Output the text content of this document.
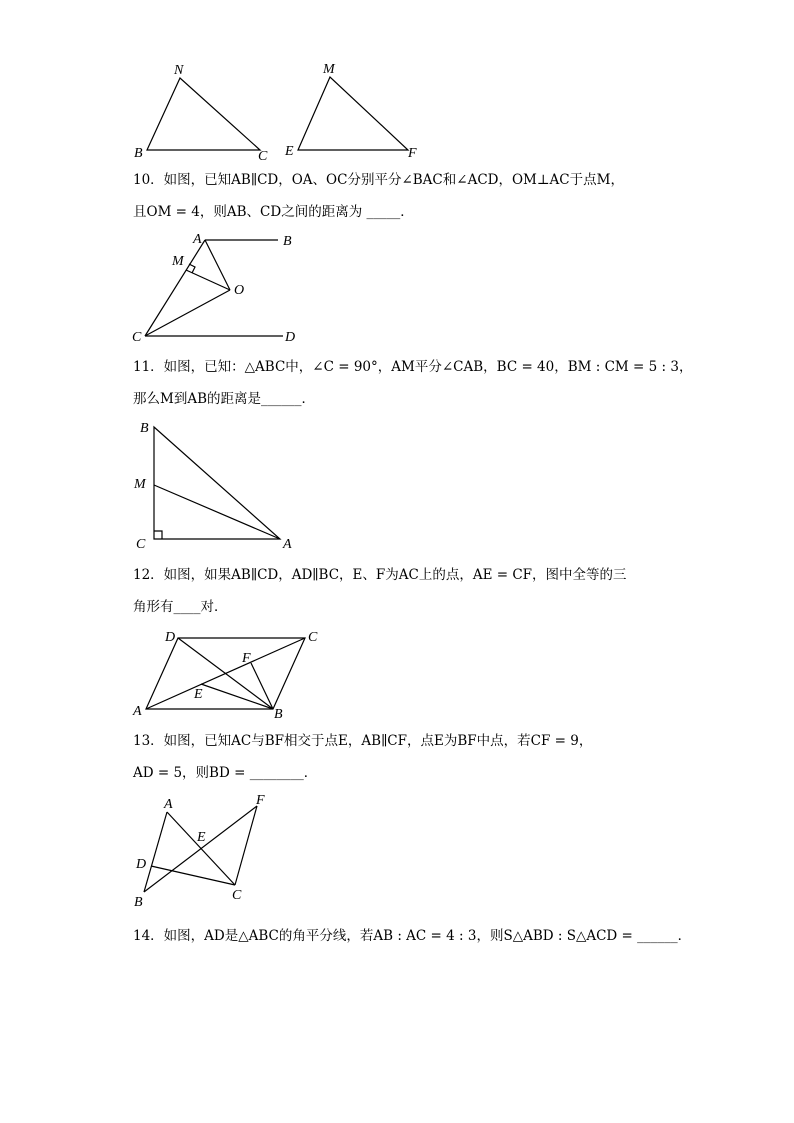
N
B	C
M
E	F
10．如图，已知AB∥CD，OA、OC分别平分∠BAC和∠ACD，OM⊥AC于点M，
且OM = 4，则AB、CD之间的距离为 _____．
A	B
M
O
C	D
11．如图，已知：△ABC中，∠C = 90°，AM平分∠CAB，BC = 40，BM : CM = 5 : 3，
那么M到AB的距离是______．
B
M
C	A
12．如图，如果AB∥CD，AD∥BC，E、F为AC上的点，AE = CF，图中全等的三
角形有____对．
D	C
F
E
A	B
13．如图，已知AC与BF相交于点E，AB∥CF，点E为BF中点，若CF = 9，
AD = 5，则BD = ________．
A	F
E
D
C
B
14．如图，AD是△ABC的角平分线，若AB : AC = 4 : 3，则S△ABD : S△ACD = ______．
